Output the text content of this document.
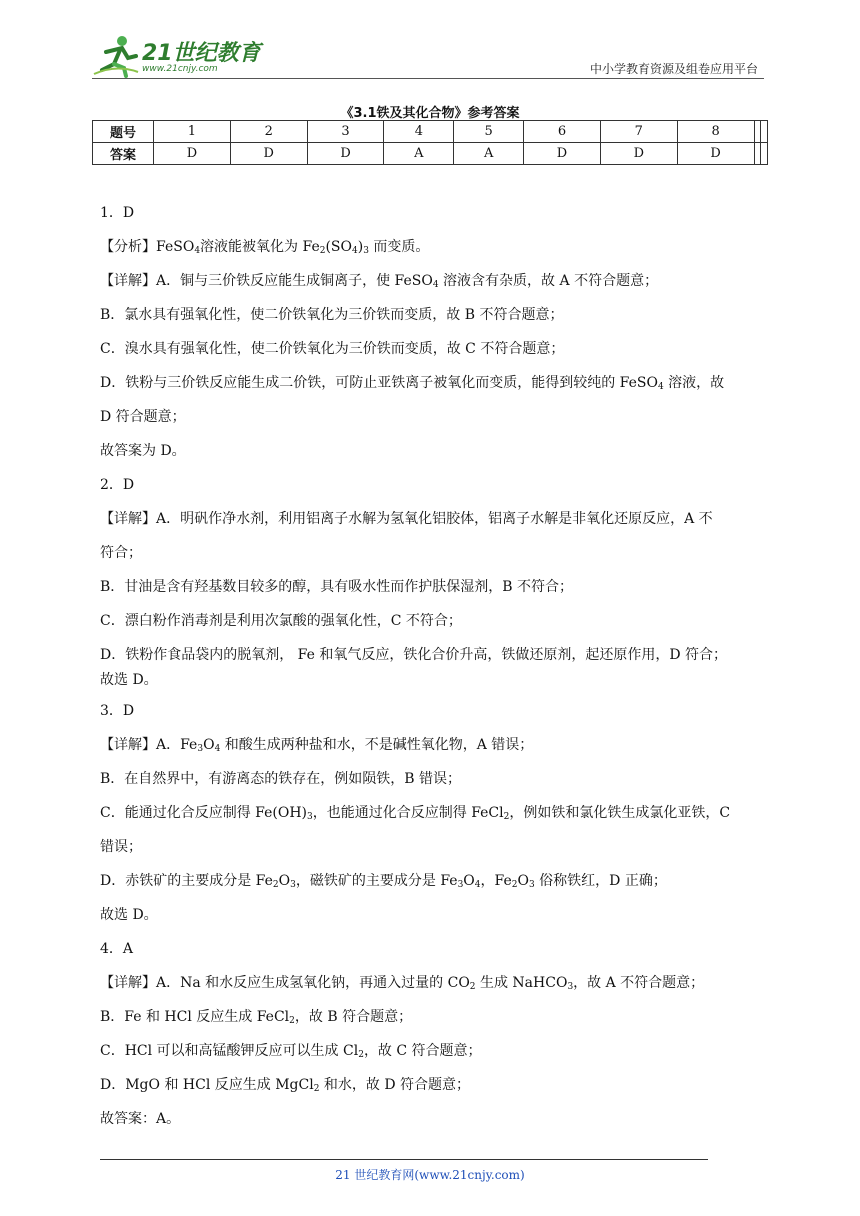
21世纪教育
www.21cnjy.com	中小学教育资源及组卷应用平台
《3.1铁及其化合物》参考答案
题号	1	2	3	4	5	6	7	8		
答案	D	D	D	A	A	D	D	D		

1．D

【分析】FeSO$_4$溶液能被氧化为 $Fe_2(SO_4)_3$ 而变质。

【详解】A．铜与三价铁反应能生成铜离子，使 FeSO$_4$ 溶液含有杂质，故 A 不符合题意；

B．氯水具有强氧化性，使二价铁氧化为三价铁而变质，故 B 不符合题意；

C．溴水具有强氧化性，使二价铁氧化为三价铁而变质，故 C 不符合题意；

D．铁粉与三价铁反应能生成二价铁，可防止亚铁离子被氧化而变质，能得到较纯的 FeSO$_4$ 溶液，故

D 符合题意；

故答案为 D。

2．D

【详解】A．明矾作净水剂，利用铝离子水解为氢氧化铝胶体，铝离子水解是非氧化还原反应，A 不

符合；

B．甘油是含有羟基数目较多的醇，具有吸水性而作护肤保湿剂，B 不符合；

C．漂白粉作消毒剂是利用次氯酸的强氧化性，C 不符合；

D．铁粉作食品袋内的脱氧剂， Fe 和氧气反应，铁化合价升高，铁做还原剂，起还原作用，D 符合；

故选 D。

3．D

【详解】A．$Fe_3O_4$ 和酸生成两种盐和水，不是碱性氧化物，A 错误；

B．在自然界中，有游离态的铁存在，例如陨铁，B 错误；

C．能通过化合反应制得 $Fe(OH)_3$，也能通过化合反应制得 FeCl$_2$，例如铁和氯化铁生成氯化亚铁，C

错误；

D．赤铁矿的主要成分是 $Fe_2O_3$，磁铁矿的主要成分是 $Fe_3O_4$，$Fe_2O_3$ 俗称铁红，D 正确；

故选 D。

4．A

【详解】A．Na 和水反应生成氢氧化钠，再通入过量的 $CO_2$ 生成 NaHCO$_3$，故 A 不符合题意；

B．Fe 和 HCl 反应生成 FeCl$_2$，故 B 符合题意；

C．HCl 可以和高锰酸钾反应可以生成 $Cl_2$，故 C 符合题意；

D．MgO 和 HCl 反应生成 MgCl$_2$ 和水，故 D 符合题意；

故答案：A。

21 世纪教育网(www.21cnjy.com)
